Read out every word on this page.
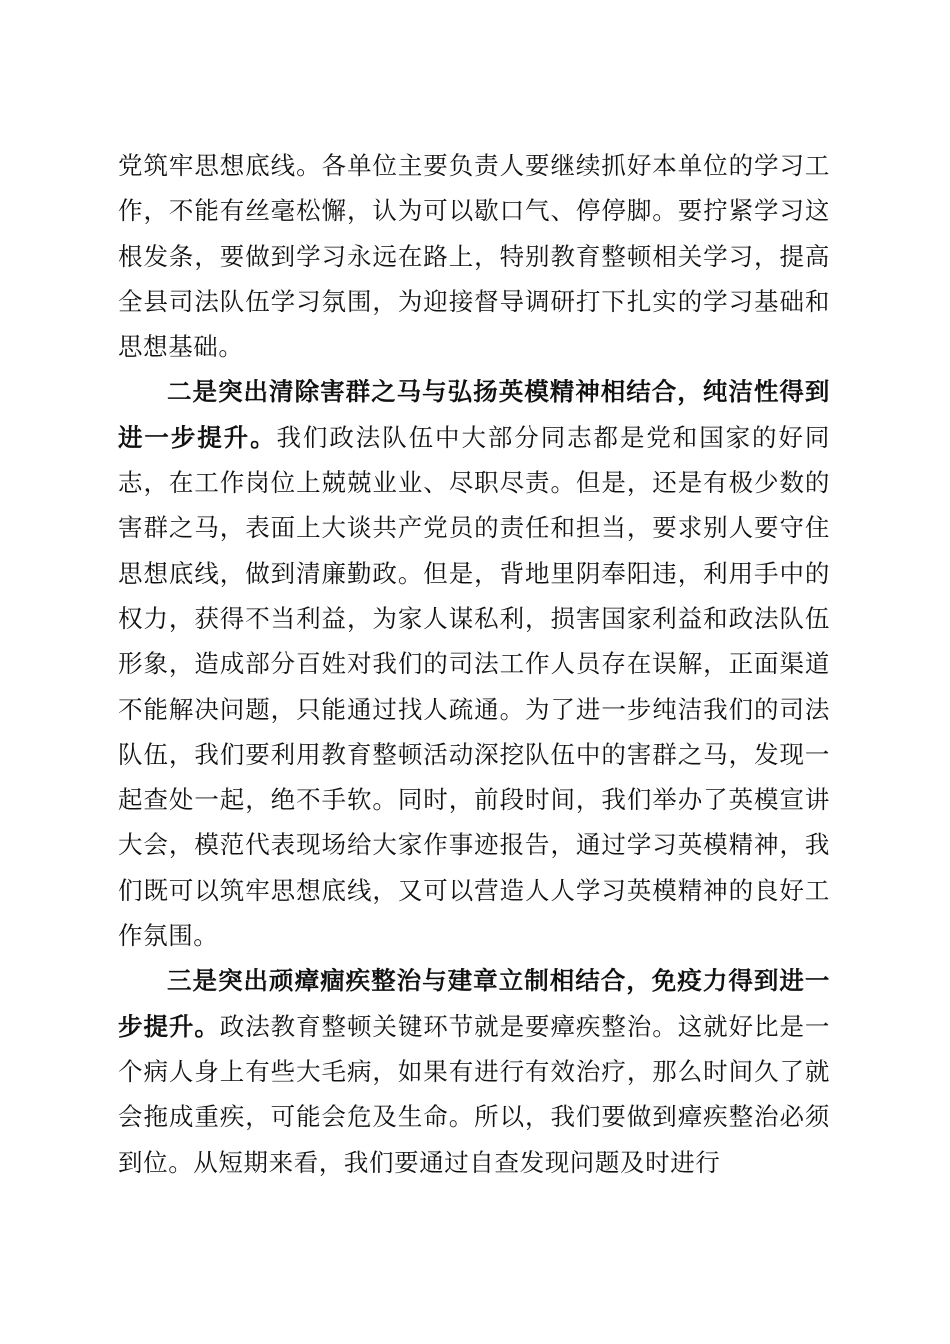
党筑牢思想底线。各单位主要负责人要继续抓好本单位的学习工作，不能有丝毫松懈，认为可以歇口气、停停脚。要拧紧学习这根发条，要做到学习永远在路上，特别教育整顿相关学习，提高全县司法队伍学习氛围，为迎接督导调研打下扎实的学习基础和思想基础。

二是突出清除害群之马与弘扬英模精神相结合，纯洁性得到进一步提升。我们政法队伍中大部分同志都是党和国家的好同志，在工作岗位上兢兢业业、尽职尽责。但是，还是有极少数的害群之马，表面上大谈共产党员的责任和担当，要求别人要守住思想底线，做到清廉勤政。但是，背地里阴奉阳违，利用手中的权力，获得不当利益，为家人谋私利，损害国家利益和政法队伍形象，造成部分百姓对我们的司法工作人员存在误解，正面渠道不能解决问题，只能通过找人疏通。为了进一步纯洁我们的司法队伍，我们要利用教育整顿活动深挖队伍中的害群之马，发现一起查处一起，绝不手软。同时，前段时间，我们举办了英模宣讲大会，模范代表现场给大家作事迹报告，通过学习英模精神，我们既可以筑牢思想底线，又可以营造人人学习英模精神的良好工作氛围。

三是突出顽瘴痼疾整治与建章立制相结合，免疫力得到进一步提升。政法教育整顿关键环节就是要瘴疾整治。这就好比是一个病人身上有些大毛病，如果有进行有效治疗，那么时间久了就会拖成重疾，可能会危及生命。所以，我们要做到瘴疾整治必须到位。从短期来看，我们要通过自查发现问题及时进行
